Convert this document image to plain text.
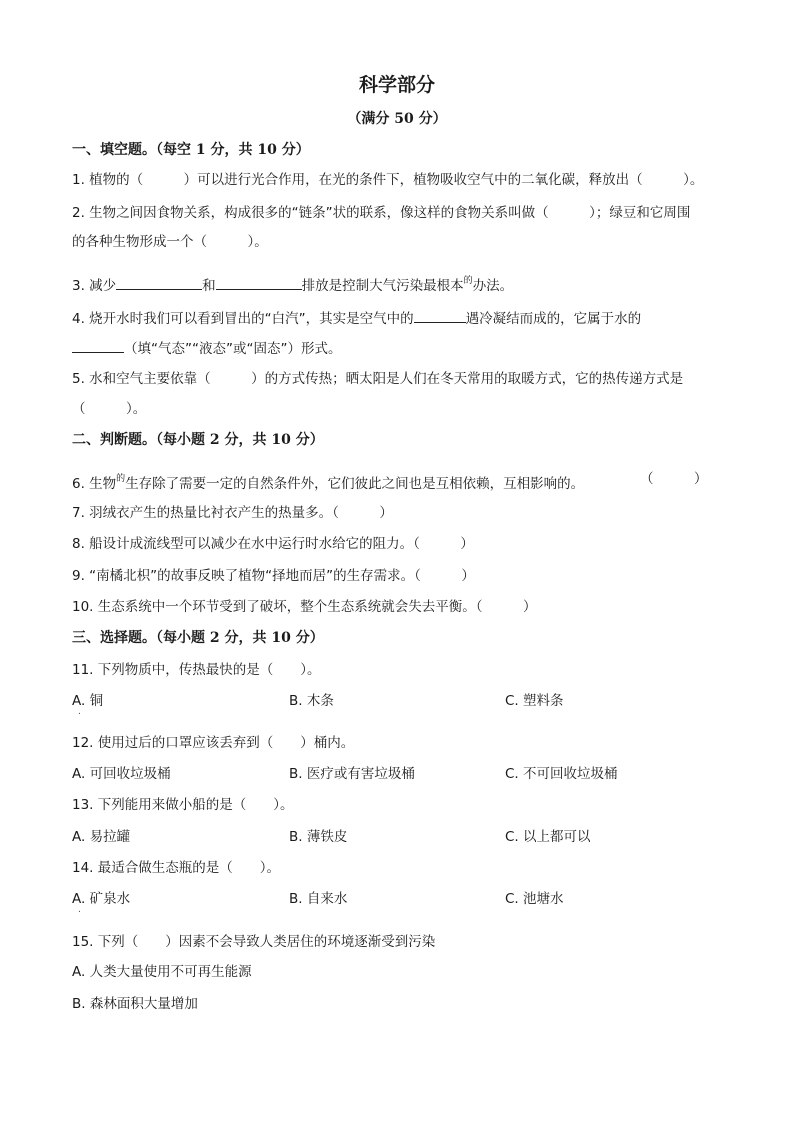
科学部分
（满分 50 分）
一、填空题。（每空 1 分，共 10 分）
1. 植物的（　　　）可以进行光合作用，在光的条件下，植物吸收空气中的二氧化碳，释放出（　　　）。
2. 生物之间因食物关系，构成很多的“链条”状的联系，像这样的食物关系叫做（　　　）；绿豆和它周围
的各种生物形成一个（　　　）。
3. 减少	和	排放是控制大气污染最根本$^的$办法。
4. 烧开水时我们可以看到冒出的“白汽”，其实是空气中的	遇冷凝结而成的，它属于水的
（填“气态”“液态”或“固态”）形式。
5. 水和空气主要依靠（　　　）的方式传热；晒太阳是人们在冬天常用的取暖方式，它的热传递方式是
（　　　）。
二、判断题。（每小题 2 分，共 10 分）
6. 生物$^的$生存除了需要一定的自然条件外，它们彼此之间也是互相依赖，互相影响的。	（　　　）
7. 羽绒衣产生的热量比衬衣产生的热量多。（　　　）
8. 船设计成流线型可以减少在水中运行时水给它的阻力。（　　　）
9. “南橘北枳”的故事反映了植物“择地而居”的生存需求。（　　　）
10. 生态系统中一个环节受到了破坏，整个生态系统就会失去平衡。（　　　）
三、选择题。（每小题 2 分，共 10 分）
11. 下列物质中，传热最快的是（　　）。
A. 铜	B. 木条	C. 塑料条
.
12. 使用过后的口罩应该丢弃到（　　）桶内。
A. 可回收垃圾桶	B. 医疗或有害垃圾桶	C. 不可回收垃圾桶
13. 下列能用来做小船的是（　　）。
A. 易拉罐	B. 薄铁皮	C. 以上都可以
14. 最适合做生态瓶的是（　　）。
A. 矿泉水	B. 自来水	C. 池塘水
.
15. 下列（　　）因素不会导致人类居住的环境逐渐受到污染
A. 人类大量使用不可再生能源
B. 森林面积大量增加
